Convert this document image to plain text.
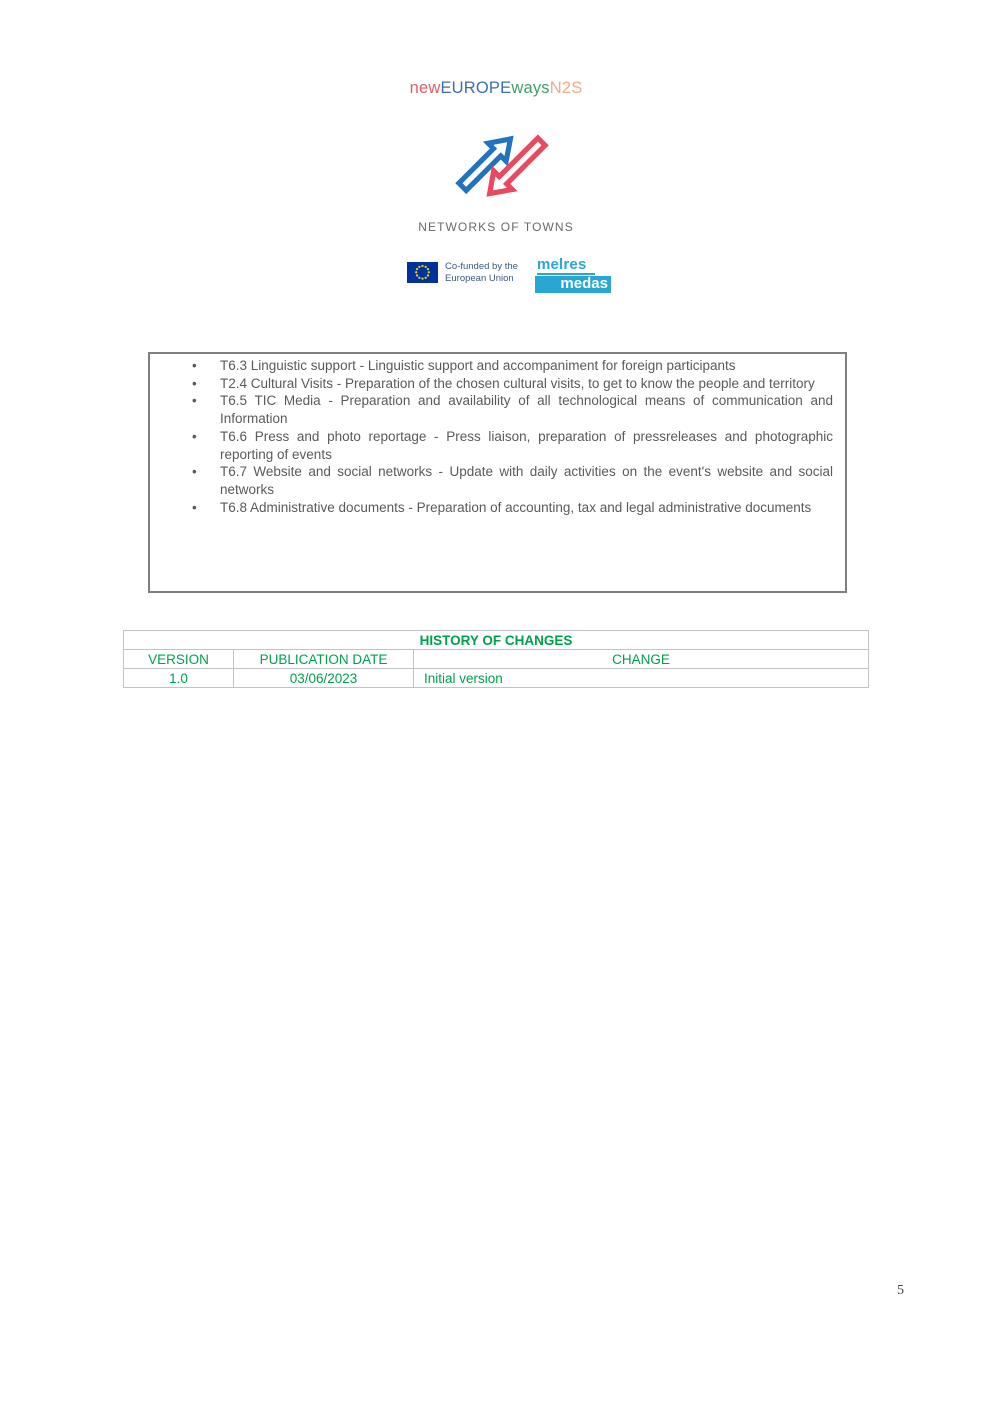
newEUROPEwaysN2S
NETWORKS OF TOWNS
Co-funded by the
European Union
melres
medas
• T6.3 Linguistic support - Linguistic support and accompaniment for foreign participants
• T2.4 Cultural Visits - Preparation of the chosen cultural visits, to get to know the people and territory
• T6.5 TIC Media - Preparation and availability of all technological means of communication and Information
• T6.6 Press and photo reportage - Press liaison, preparation of pressreleases and photographic reporting of events
• T6.7 Website and social networks - Update with daily activities on the event's website and social networks
• T6.8 Administrative documents - Preparation of accounting, tax and legal administrative documents
HISTORY OF CHANGES		
VERSION	PUBLICATION DATE	CHANGE
1.0	03/06/2023	Initial version
5
